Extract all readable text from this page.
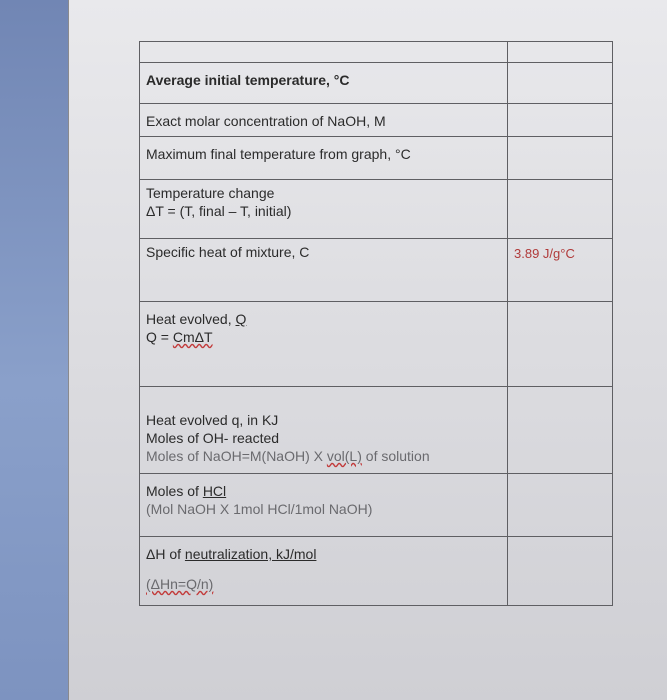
Average initial temperature, °C	

Exact molar concentration of NaOH, M	

Maximum final temperature from graph, °C	

Temperature change
ΔT = (T, final – T, initial)	

Specific heat of mixture, C	3.89 J/g°C

Heat evolved, Q
Q = CmΔT	

Heat evolved q, in KJ
Moles of OH- reacted
Moles of NaOH=M(NaOH) X vol(L) of solution	

Moles of HCl
(Mol NaOH X 1mol HCl/1mol NaOH)	

ΔH of neutralization, kJ/mol
(ΔHn=Q/n)	
